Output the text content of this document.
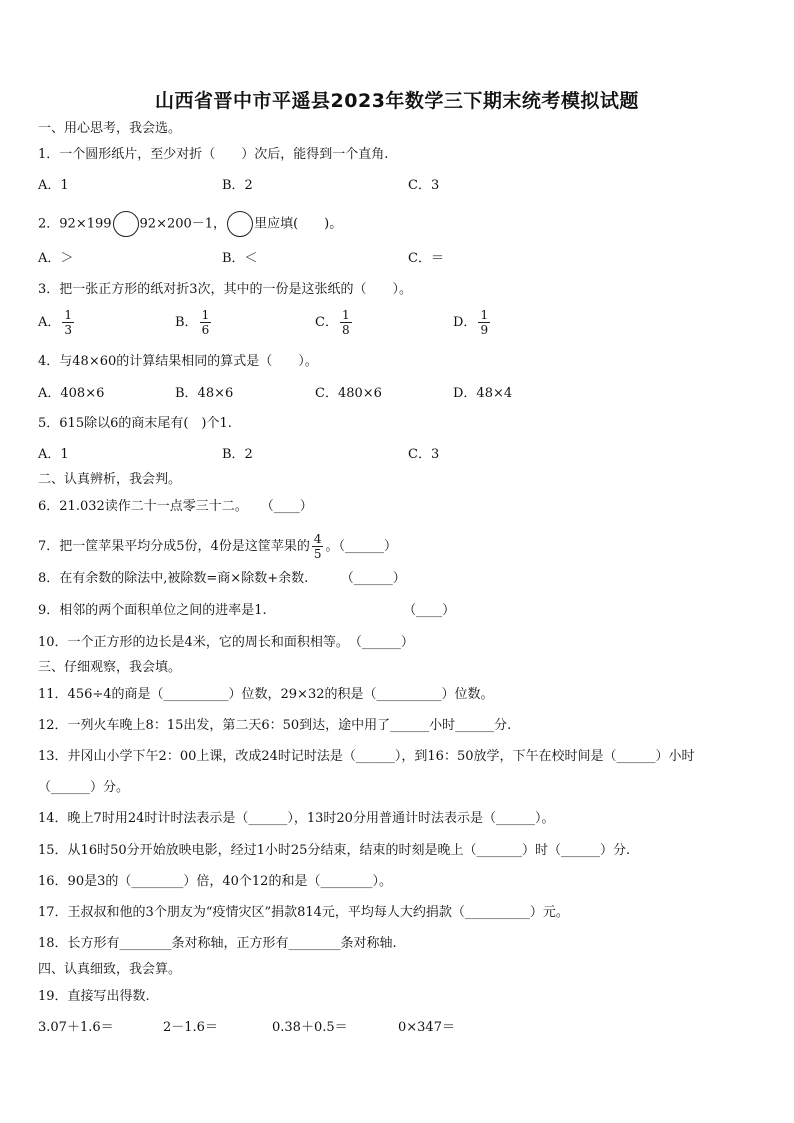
山西省晋中市平遥县2023年数学三下期末统考模拟试题
一、用心思考，我会选。
1．一个圆形纸片，至少对折（　　）次后，能得到一个直角.
A．1	B．2	C．3
2．92×199 92×200－1， 里应填(　　)。
A．＞	B．＜	C．＝
3．把一张正方形的纸对折3次，其中的一份是这张纸的（　　）。
A． $\frac{1}{3}$	B． $\frac{1}{6}$	C． $\frac{1}{8}$	D． $\frac{1}{9}$
4．与48×60的计算结果相同的算式是（　　）。
A．408×6	B．48×6	C．480×6	D．48×4
5．615除以6的商末尾有(　)个1.
A．1	B．2	C．3
二、认真辨析，我会判。
6．21.032读作二十一点零三十二。　　（____）
7．把一筐苹果平均分成5份，4份是这筐苹果的 $\frac{4}{5}$ 。（______）
8．在有余数的除法中,被除数=商×除数+余数.　　　（______）
9．相邻的两个面积单位之间的进率是1.　　　　　　　　　　　（____）
10．一个正方形的边长是4米，它的周长和面积相等。　（______）
三、仔细观察，我会填。
11．456÷4的商是（__________）位数，29×32的积是（__________）位数。
12．一列火车晚上8：15出发，第二天6：50到达，途中用了______小时______分.
13．井冈山小学下午2：00上课，改成24时记时法是（______），到16：50放学，下午在校时间是（______）小时
（______）分。
14．晚上7时用24时计时法表示是（______），13时20分用普通计时法表示是（______）。
15．从16时50分开始放映电影，经过1小时25分结束，结束的时刻是晚上（_______）时（______）分.
16．90是3的（________）倍，40个12的和是（________）。
17．王叔叔和他的3个朋友为“疫情灾区”捐款814元，平均每人大约捐款（__________）元。
18．长方形有________条对称轴，正方形有________条对称轴.
四、认真细致，我会算。
19．直接写出得数.
3.07＋1.6＝	2－1.6＝	0.38＋0.5＝	0×347＝
